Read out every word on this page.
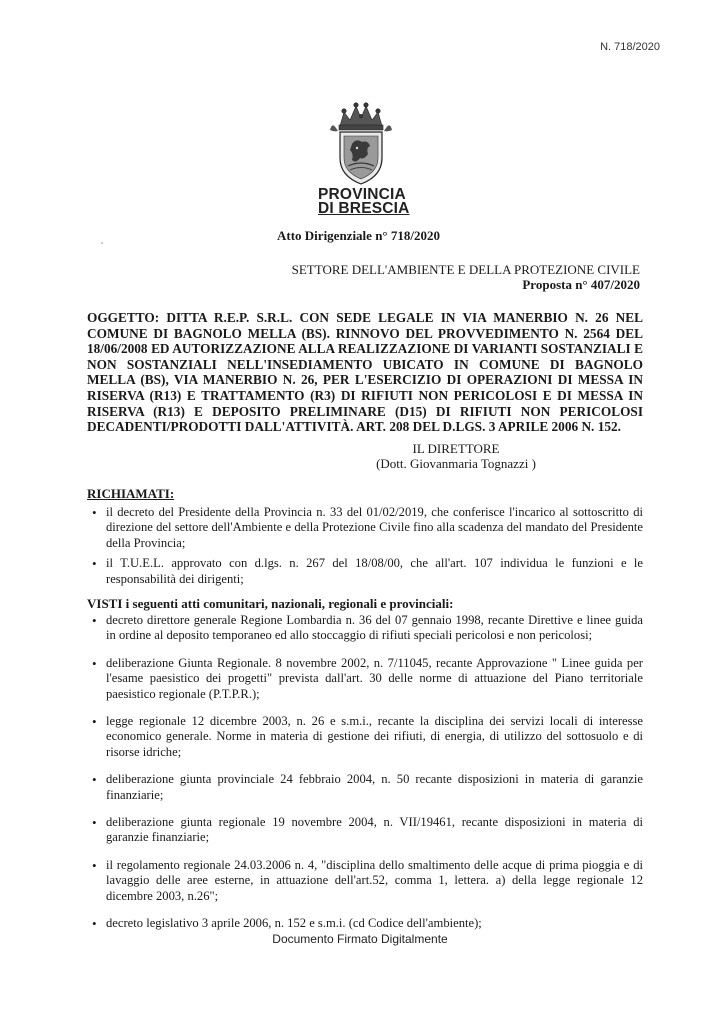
N. 718/2020
PROVINCIA
DI BRESCIA
Atto Dirigenziale n° 718/2020
SETTORE DELL'AMBIENTE E DELLA PROTEZIONE CIVILE
Proposta n° 407/2020
OGGETTO: DITTA R.E.P. S.R.L. CON SEDE LEGALE IN VIA MANERBIO N. 26 NEL COMUNE DI BAGNOLO MELLA (BS). RINNOVO DEL PROVVEDIMENTO N. 2564 DEL 18/06/2008 ED AUTORIZZAZIONE ALLA REALIZZAZIONE DI VARIANTI SOSTANZIALI E NON SOSTANZIALI NELL'INSEDIAMENTO UBICATO IN COMUNE DI BAGNOLO MELLA (BS), VIA MANERBIO N. 26, PER L'ESERCIZIO DI OPERAZIONI DI MESSA IN RISERVA (R13) E TRATTAMENTO (R3) DI RIFIUTI NON PERICOLOSI E DI MESSA IN RISERVA (R13) E DEPOSITO PRELIMINARE (D15) DI RIFIUTI NON PERICOLOSI DECADENTI/PRODOTTI DALL'ATTIVITÀ. ART. 208 DEL D.LGS. 3 APRILE 2006 N. 152.
IL DIRETTORE
(Dott. Giovanmaria Tognazzi )
RICHIAMATI:
• il decreto del Presidente della Provincia n. 33 del 01/02/2019, che conferisce l'incarico al sottoscritto di direzione del settore dell'Ambiente e della Protezione Civile fino alla scadenza del mandato del Presidente della Provincia;
• il T.U.E.L. approvato con d.lgs. n. 267 del 18/08/00, che all'art. 107 individua le funzioni e le responsabilità dei dirigenti;
VISTI i seguenti atti comunitari, nazionali, regionali e provinciali:
• decreto direttore generale Regione Lombardia n. 36 del 07 gennaio 1998, recante Direttive e linee guida in ordine al deposito temporaneo ed allo stoccaggio di rifiuti speciali pericolosi e non pericolosi;
• deliberazione Giunta Regionale. 8 novembre 2002, n. 7/11045, recante Approvazione " Linee guida per l'esame paesistico dei progetti" prevista dall'art. 30 delle norme di attuazione del Piano territoriale paesistico regionale (P.T.P.R.);
• legge regionale 12 dicembre 2003, n. 26 e s.m.i., recante la disciplina dei servizi locali di interesse economico generale. Norme in materia di gestione dei rifiuti, di energia, di utilizzo del sottosuolo e di risorse idriche;
• deliberazione giunta provinciale 24 febbraio 2004, n. 50 recante disposizioni in materia di garanzie finanziarie;
• deliberazione giunta regionale 19 novembre 2004, n. VII/19461, recante disposizioni in materia di garanzie finanziarie;
• il regolamento regionale 24.03.2006 n. 4, "disciplina dello smaltimento delle acque di prima pioggia e di lavaggio delle aree esterne, in attuazione dell'art.52, comma 1, lettera. a) della legge regionale 12 dicembre 2003, n.26";
• decreto legislativo 3 aprile 2006, n. 152 e s.m.i. (cd Codice dell'ambiente);
Documento Firmato Digitalmente
